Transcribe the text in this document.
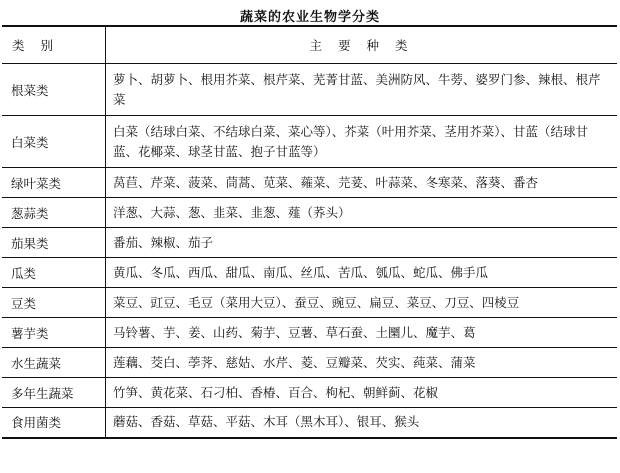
蔬菜的农业生物学分类
类 别	主 要 种 类
根菜类	萝卜、胡萝卜、根用芥菜、根芹菜、芜菁甘蓝、美洲防风、牛蒡、婆罗门参、辣根、根芹菜
白菜类	白菜（结球白菜、不结球白菜、菜心等）、芥菜（叶用芥菜、茎用芥菜）、甘蓝（结球甘蓝、花椰菜、球茎甘蓝、抱子甘蓝等）
绿叶菜类	莴苣、芹菜、菠菜、茼蒿、苋菜、蕹菜、芫荽、叶蒜菜、冬寒菜、落葵、番杏
葱蒜类	洋葱、大蒜、葱、韭菜、韭葱、薤（荞头）
茄果类	番茄、辣椒、茄子
瓜类	黄瓜、冬瓜、西瓜、甜瓜、南瓜、丝瓜、苦瓜、瓠瓜、蛇瓜、佛手瓜
豆类	菜豆、豇豆、毛豆（菜用大豆）、蚕豆、豌豆、扁豆、菜豆、刀豆、四棱豆
薯芋类	马铃薯、芋、姜、山药、菊芋、豆薯、草石蚕、土圞儿、魔芋、葛
水生蔬菜	莲藕、茭白、荸荠、慈姑、水芹、菱、豆瓣菜、芡实、莼菜、蒲菜
多年生蔬菜	竹笋、黄花菜、石刁柏、香椿、百合、枸杞、朝鲜蓟、花椒
食用菌类	蘑菇、香菇、草菇、平菇、木耳（黑木耳）、银耳、猴头
